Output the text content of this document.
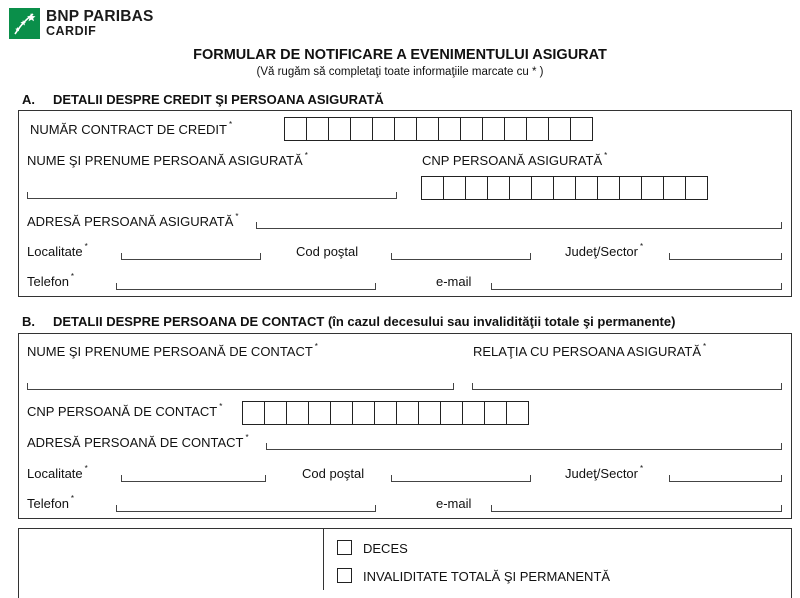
BNP PARIBAS
CARDIF
FORMULAR DE NOTIFICARE A EVENIMENTULUI ASIGURAT
(Vă rugăm să completaţi toate informaţiile marcate cu * )
A. DETALII DESPRE CREDIT ŞI PERSOANA ASIGURATĂ
NUMĂR CONTRACT DE CREDIT *
NUME ŞI PRENUME PERSOANĂ ASIGURATĂ *	CNP PERSOANĂ ASIGURATĂ *
ADRESĂ PERSOANĂ ASIGURATĂ *
Localitate *	Cod poştal	Judeţ/Sector *
Telefon *	e-mail
B. DETALII DESPRE PERSOANA DE CONTACT (în cazul decesului sau invalidităţii totale şi permanente)
NUME ŞI PRENUME PERSOANĂ DE CONTACT *	RELAŢIA CU PERSOANA ASIGURATĂ *
CNP PERSOANĂ DE CONTACT *
ADRESĂ PERSOANĂ DE CONTACT *
Localitate *	Cod poştal	Judeţ/Sector *
Telefon *	e-mail
DECES
INVALIDITATE TOTALĂ ŞI PERMANENTĂ
